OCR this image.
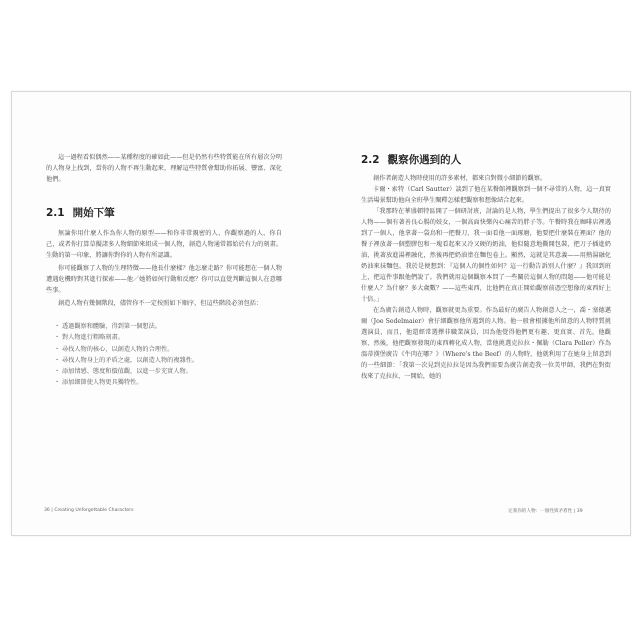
這一過程看似偶然——某種程度的確如此——但是仍然有些特質能在所有層次分明的人物身上找到，當你的人物不再生動起來，理解這些特質會幫助你拓展、豐富、深化他們。

2.1 開始下筆

無論你用什麼人作為你人物的原型——和你非常親密的人、你觀察過的人、你自己，或者你打算草擬諸多人物細節來組成一個人物，創造人物通常都始於有力的刻畫。生動的第一印象，將讓你對你的人物有所認識。

你可能觀察了人物的生理特徵——他長什麼樣？他怎麼走路？你可能想在一個人物遭遇危機時對其進行探索——他／她將如何行動和反應？你可以直覺判斷這個人在意哪些事。

創造人物有幾個階段，儘管你不一定按照如下順序，但這些階段必須包括：

・ 透過觀察和體驗，得到第一個想法。
・ 對人物進行粗略刻畫。
・ 尋找人物的核心，以創造人物的合理性。
・ 尋找人物身上的矛盾之處，以創造人物的複雜性。
・ 添加情感、態度和價值觀，以進一步充實人物。
・ 添加細節使人物更具獨特性。
2.2 觀察你遇到的人

創作者創造人物時使用的許多素材，都來自對微小細節的觀察。

卡爾・索特（Carl Sautter）談到了他在某餐館裡觀察到一個不尋常的人物，這一真實生活場景幫助他向全班學生闡釋怎樣把觀察和想像結合起來。

「我那時在華盛頓特區開了一個研討班，討論的是人物，學生們提出了很多令人期待的人物——個有著善良心腸的妓女，一個高面快樂內心痛苦的胖子等。午餐時我在咖啡店裡遇到了一個人，他拿著一袋鳥和一把餐刀，我一面看他一面琢磨，他要把什麼裝在裡面？他的餐子裡放著一個塑膠包和一塊看起來又冷又硬的奶油，他似隨意地撕開包裝，把刀子插進奶油，挑著放進湯裡融化，然後再把奶油塗在麵包卷上。顯然，這就是其意義——用熱湯融化奶油來抹麵包。我於是便想到：『這個人的個性如何？這一行動告訴別人什麼？』我回到班上，把這件事跟他們說了。我們就用這個觀察本問了一些關於這個人物的問題——他可能是什麼人？為什麼？多大歲數？——這些東西，比他們在真正開始觀察前憑空想像的東西好上十倍。」

在為廣告創造人物時，觀察就更為重要。作為最好的廣告人物創意人之一，喬・塞德邁爾（Joe Sedelmaier）會仔細觀察他所遇到的人物。他一般會根據他所留意的人物特質挑選演員，而且，他還經常選擇非職業演員，因為他覺得他們更有趣、更真實、首先，他觀察、然後，他把觀察發現的東西轉化成人物，當他挑選克拉拉・佩勒（Clara Peller）作為溫蒂漢堡廣告《牛肉在哪？》（Where's the Beef）的人物時，他就利用了在她身上留意到的一些細節：「我第一次見到克拉拉是因為我們需要為廣告創造我一位美甲師，我們在對街找來了克拉拉，一開始，她的

36 | Creating Unforgettable Characters	定義你的人物：一個性與矛盾性 | 39
